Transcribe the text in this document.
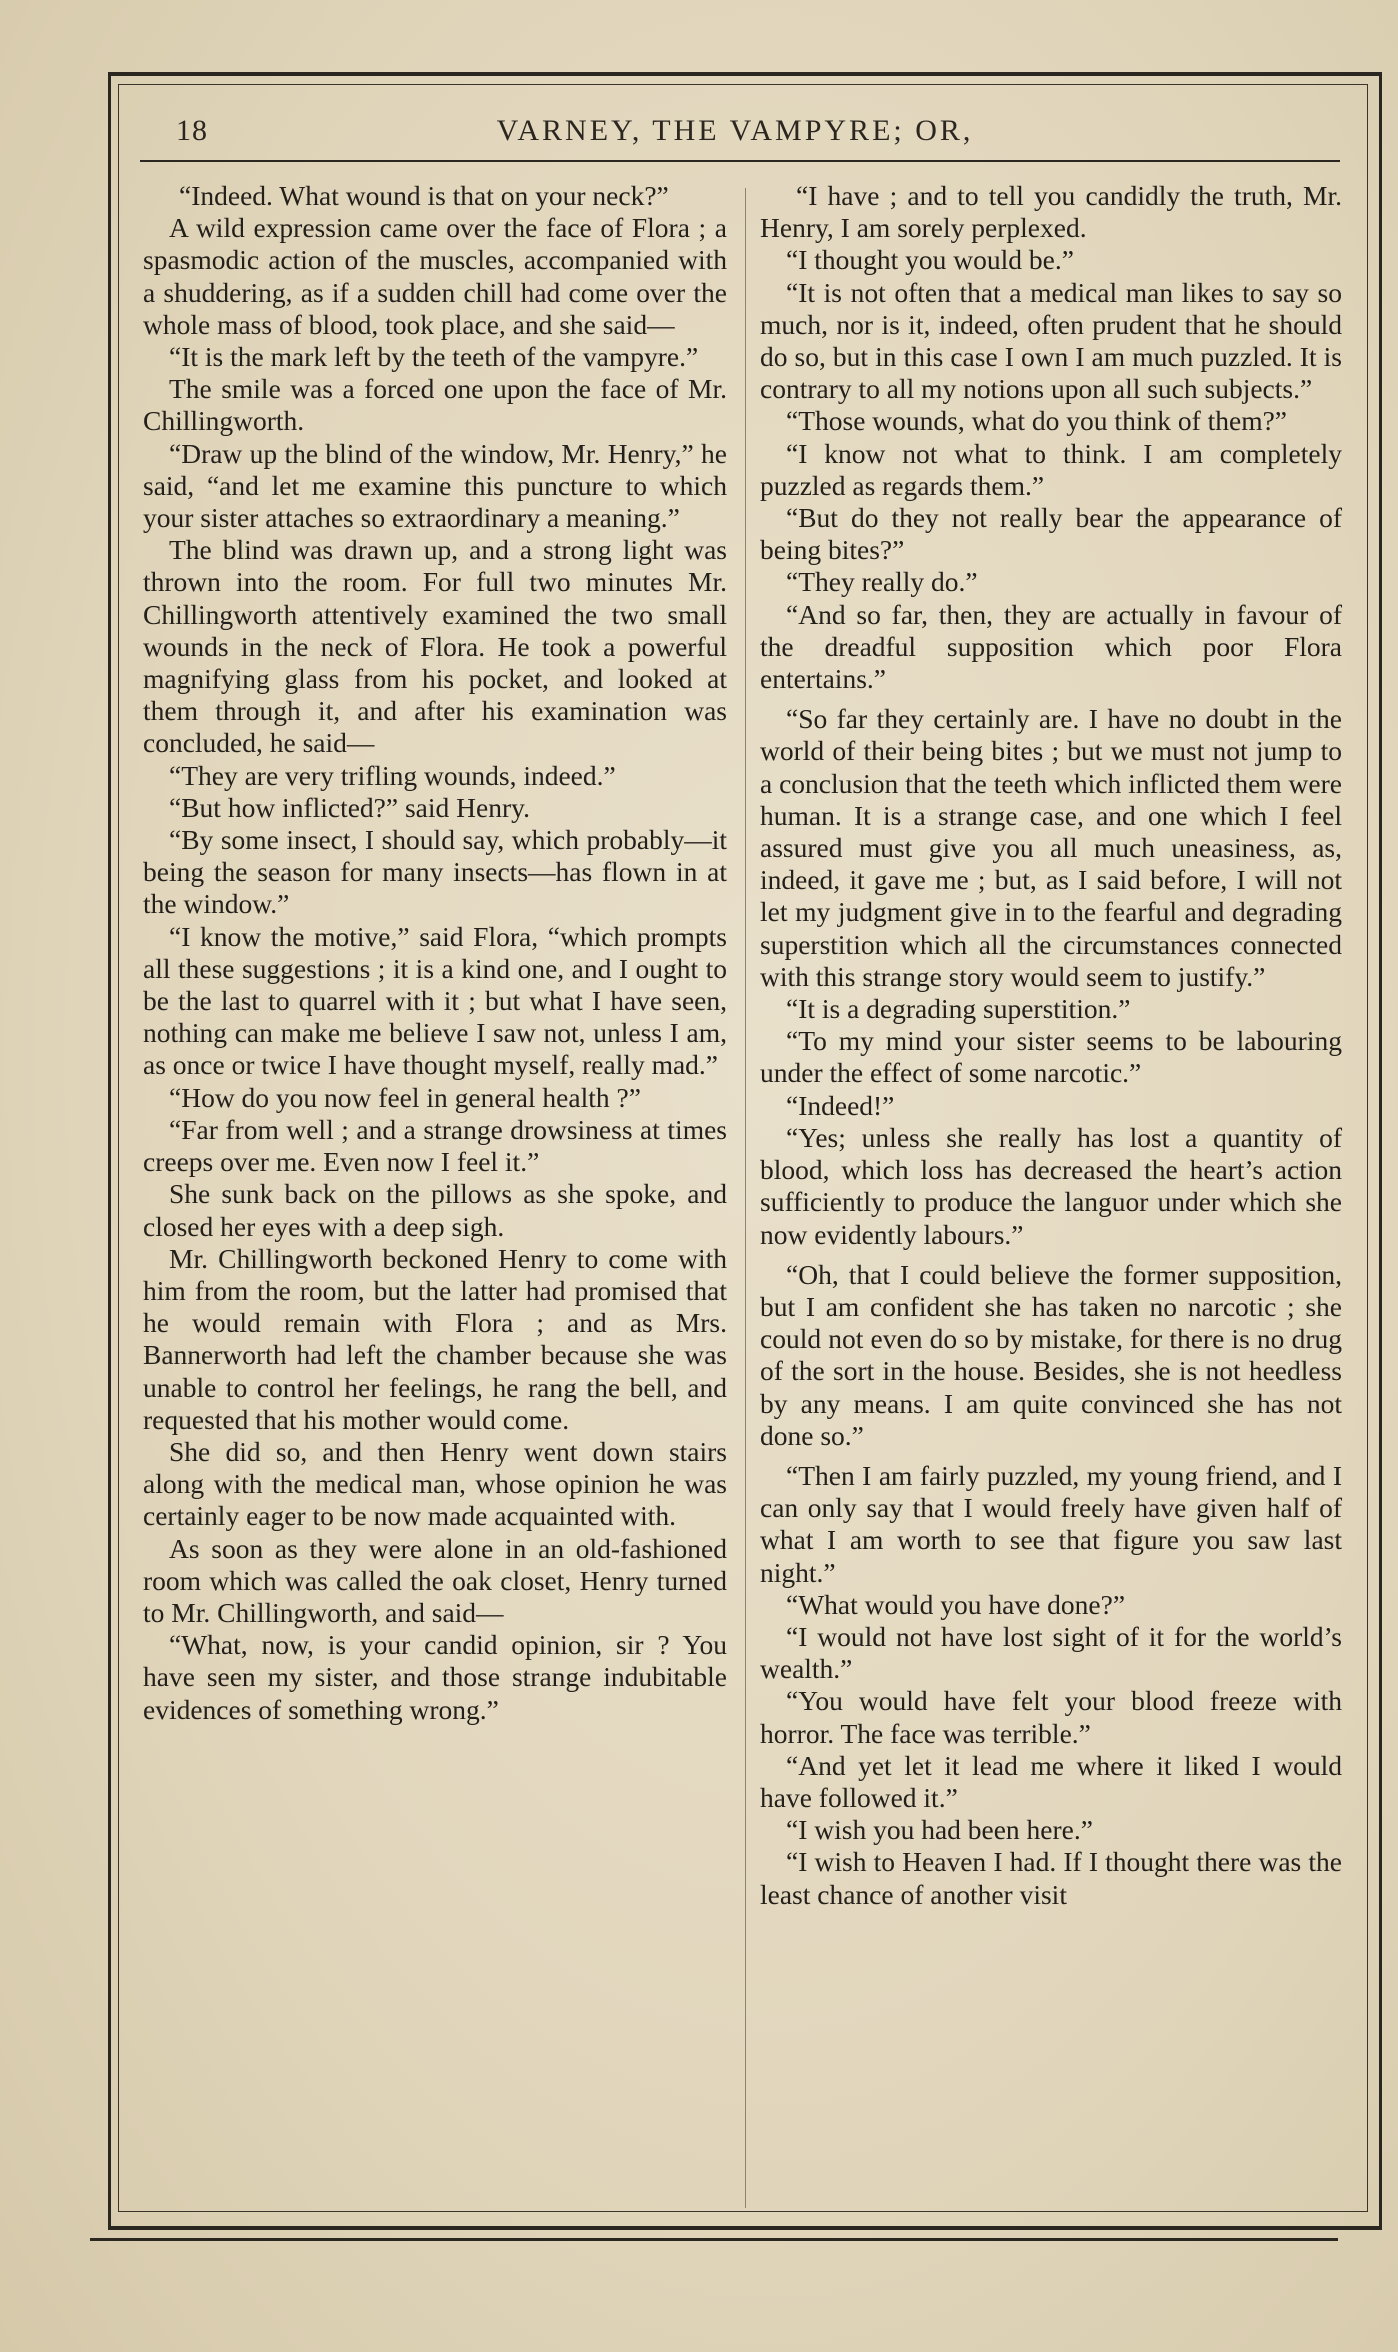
18	VARNEY, THE VAMPYRE; OR,

“Indeed. What wound is that on your neck?”

A wild expression came over the face of Flora ; a spasmodic action of the muscles, accompanied with a shuddering, as if a sudden chill had come over the whole mass of blood, took place, and she said—

“It is the mark left by the teeth of the vampyre.”

The smile was a forced one upon the face of Mr. Chillingworth.

“Draw up the blind of the window, Mr. Henry,” he said, “and let me examine this puncture to which your sister attaches so extraordinary a meaning.”

The blind was drawn up, and a strong light was thrown into the room. For full two minutes Mr. Chillingworth attentively examined the two small wounds in the neck of Flora. He took a powerful magnifying glass from his pocket, and looked at them through it, and after his examination was concluded, he said—

“They are very trifling wounds, indeed.”

“But how inflicted?” said Henry.

“By some insect, I should say, which probably—it being the season for many insects—has flown in at the window.”

“I know the motive,” said Flora, “which prompts all these suggestions ; it is a kind one, and I ought to be the last to quarrel with it ; but what I have seen, nothing can make me believe I saw not, unless I am, as once or twice I have thought myself, really mad.”

“How do you now feel in general health ?”

“Far from well ; and a strange drowsiness at times creeps over me. Even now I feel it.”

She sunk back on the pillows as she spoke, and closed her eyes with a deep sigh.

Mr. Chillingworth beckoned Henry to come with him from the room, but the latter had promised that he would remain with Flora ; and as Mrs. Bannerworth had left the chamber because she was unable to control her feelings, he rang the bell, and requested that his mother would come.

She did so, and then Henry went down stairs along with the medical man, whose opinion he was certainly eager to be now made acquainted with.

As soon as they were alone in an old-fashioned room which was called the oak closet, Henry turned to Mr. Chillingworth, and said—

“What, now, is your candid opinion, sir ? You have seen my sister, and those strange indubitable evidences of something wrong.”

“I have ; and to tell you candidly the truth, Mr. Henry, I am sorely perplexed.

“I thought you would be.”

“It is not often that a medical man likes to say so much, nor is it, indeed, often prudent that he should do so, but in this case I own I am much puzzled. It is contrary to all my notions upon all such subjects.”

“Those wounds, what do you think of them?”

“I know not what to think. I am completely puzzled as regards them.”

“But do they not really bear the appearance of being bites?”

“They really do.”

“And so far, then, they are actually in favour of the dreadful supposition which poor Flora entertains.”

“So far they certainly are. I have no doubt in the world of their being bites ; but we must not jump to a conclusion that the teeth which inflicted them were human. It is a strange case, and one which I feel assured must give you all much uneasiness, as, indeed, it gave me ; but, as I said before, I will not let my judgment give in to the fearful and degrading superstition which all the circumstances connected with this strange story would seem to justify.”

“It is a degrading superstition.”

“To my mind your sister seems to be labouring under the effect of some narcotic.”

“Indeed!”

“Yes; unless she really has lost a quantity of blood, which loss has decreased the heart’s action sufficiently to produce the languor under which she now evidently labours.”

“Oh, that I could believe the former supposition, but I am confident she has taken no narcotic ; she could not even do so by mistake, for there is no drug of the sort in the house. Besides, she is not heedless by any means. I am quite convinced she has not done so.”

“Then I am fairly puzzled, my young friend, and I can only say that I would freely have given half of what I am worth to see that figure you saw last night.”

“What would you have done?”

“I would not have lost sight of it for the world’s wealth.”

“You would have felt your blood freeze with horror. The face was terrible.”

“And yet let it lead me where it liked I would have followed it.”

“I wish you had been here.”

“I wish to Heaven I had. If I thought there was the least chance of another visit
